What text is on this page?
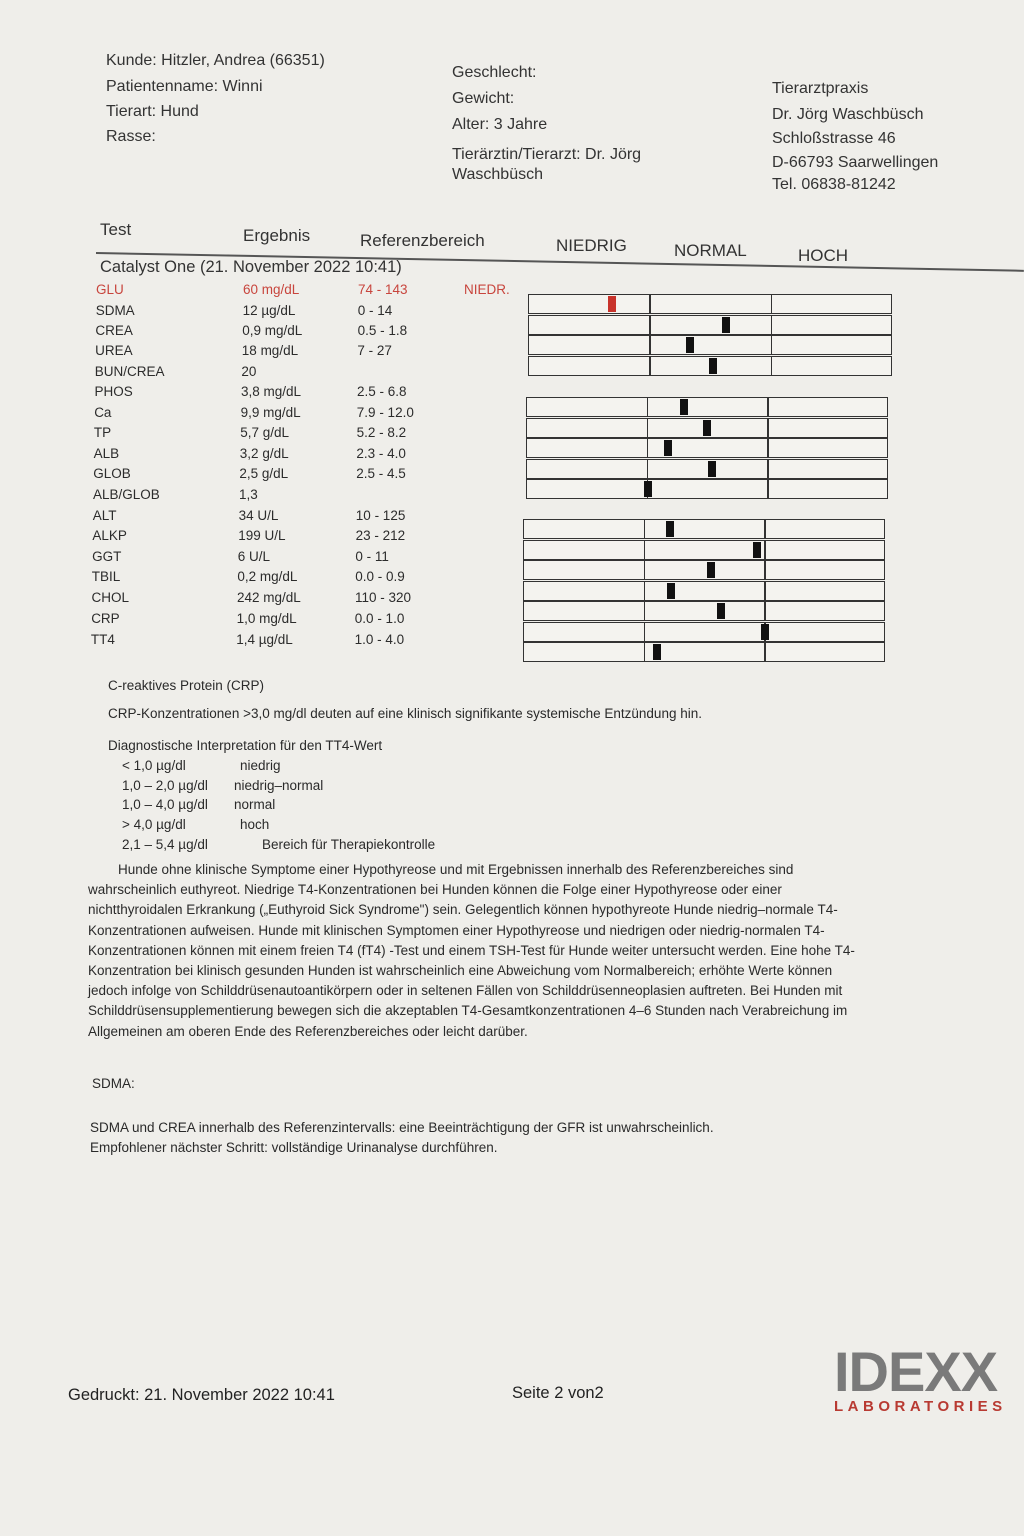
Kunde: Hitzler, Andrea (66351)
Patientenname: Winni
Tierart: Hund
Rasse:
Geschlecht:
Gewicht:
Alter: 3 Jahre
Tierärztin/Tierarzt: Dr. Jörg
Waschbüsch
Tierarztpraxis
Dr. Jörg Waschbüsch
Schloßstrasse 46
D-66793 Saarwellingen
Tel. 06838-81242
Test	Ergebnis	Referenzbereich	NIEDRIG	NORMAL	HOCH
Catalyst One (21. November 2022 10:41)
GLU	60 mg/dL	74 - 143	NIEDR.
SDMA	12 µg/dL	0 - 14
CREA	0,9 mg/dL	0.5 - 1.8
UREA	18 mg/dL	7 - 27
BUN/CREA	20
PHOS	3,8 mg/dL	2.5 - 6.8
Ca	9,9 mg/dL	7.9 - 12.0
TP	5,7 g/dL	5.2 - 8.2
ALB	3,2 g/dL	2.3 - 4.0
GLOB	2,5 g/dL	2.5 - 4.5
ALB/GLOB	1,3
ALT	34 U/L	10 - 125
ALKP	199 U/L	23 - 212
GGT	6 U/L	0 - 11
TBIL	0,2 mg/dL	0.0 - 0.9
CHOL	242 mg/dL	110 - 320
CRP	1,0 mg/dL	0.0 - 1.0
TT4	1,4 µg/dL	1.0 - 4.0
C-reaktives Protein (CRP)
CRP-Konzentrationen >3,0 mg/dl deuten auf eine klinisch signifikante systemische Entzündung hin.
Diagnostische Interpretation für den TT4-Wert
< 1,0 µg/dl	niedrig
1,0 – 2,0 µg/dl niedrig–normal
1,0 – 4,0 µg/dl normal
> 4,0 µg/dl	hoch
2,1 – 5,4 µg/dl	Bereich für Therapiekontrolle
Hunde ohne klinische Symptome einer Hypothyreose und mit Ergebnissen innerhalb des Referenzbereiches sind wahrscheinlich euthyreot. Niedrige T4-Konzentrationen bei Hunden können die Folge einer Hypothyreose oder einer nichtthyroidalen Erkrankung („Euthyroid Sick Syndrome") sein. Gelegentlich können hypothyreote Hunde niedrig–normale T4-Konzentrationen aufweisen. Hunde mit klinischen Symptomen einer Hypothyreose und niedrigen oder niedrig-normalen T4-Konzentrationen können mit einem freien T4 (fT4) -Test und einem TSH-Test für Hunde weiter untersucht werden. Eine hohe T4-Konzentration bei klinisch gesunden Hunden ist wahrscheinlich eine Abweichung vom Normalbereich; erhöhte Werte können jedoch infolge von Schilddrüsenautoantikörpern oder in seltenen Fällen von Schilddrüsenneoplasien auftreten. Bei Hunden mit Schilddrüsensupplementierung bewegen sich die akzeptablen T4-Gesamtkonzentrationen 4–6 Stunden nach Verabreichung im Allgemeinen am oberen Ende des Referenzbereiches oder leicht darüber.
SDMA:
SDMA und CREA innerhalb des Referenzintervalls: eine Beeinträchtigung der GFR ist unwahrscheinlich.
Empfohlener nächster Schritt: vollständige Urinanalyse durchführen.
Gedruckt: 21. November 2022 10:41	Seite 2 von2	IDEXX
LABORATORIES
